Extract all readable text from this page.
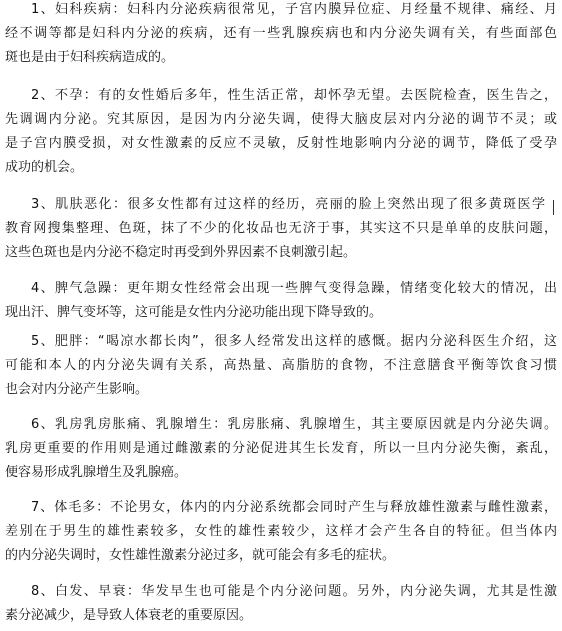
1、妇科疾病：妇科内分泌疾病很常见，子宫内膜异位症、月经量不规律、痛经、月
经不调等都是妇科内分泌的疾病，还有一些乳腺疾病也和内分泌失调有关，有些面部色
斑也是由于妇科疾病造成的。
2、不孕：有的女性婚后多年，性生活正常，却怀孕无望。去医院检查，医生告之，
先调调内分泌。究其原因，是因为内分泌失调，使得大脑皮层对内分泌的调节不灵；或
是子宫内膜受损，对女性激素的反应不灵敏，反射性地影响内分泌的调节，降低了受孕
成功的机会。
3、肌肤恶化：很多女性都有过这样的经历，亮丽的脸上突然出现了很多黄斑医学
教育网搜集整理、色斑，抹了不少的化妆品也无济于事，其实这不只是单单的皮肤问题，
这些色斑也是内分泌不稳定时再受到外界因素不良刺激引起。
4、脾气急躁：更年期女性经常会出现一些脾气变得急躁，情绪变化较大的情况，出
现出汗、脾气变坏等，这可能是女性内分泌功能出现下降导致的。
5、肥胖：“喝凉水都长肉”，很多人经常发出这样的感慨。据内分泌科医生介绍，这
可能和本人的内分泌失调有关系，高热量、高脂肪的食物，不注意膳食平衡等饮食习惯
也会对内分泌产生影响。
6、乳房乳房胀痛、乳腺增生：乳房胀痛、乳腺增生，其主要原因就是内分泌失调。
乳房更重要的作用则是通过雌激素的分泌促进其生长发育，所以一旦内分泌失衡，紊乱，
便容易形成乳腺增生及乳腺癌。
7、体毛多：不论男女，体内的内分泌系统都会同时产生与释放雄性激素与雌性激素，
差别在于男生的雄性素较多，女性的雄性素较少，这样才会产生各自的特征。但当体内
的内分泌失调时，女性雄性激素分泌过多，就可能会有多毛的症状。
8、白发、早衰：华发早生也可能是个内分泌问题。另外，内分泌失调，尤其是性激
素分泌减少，是导致人体衰老的重要原因。
